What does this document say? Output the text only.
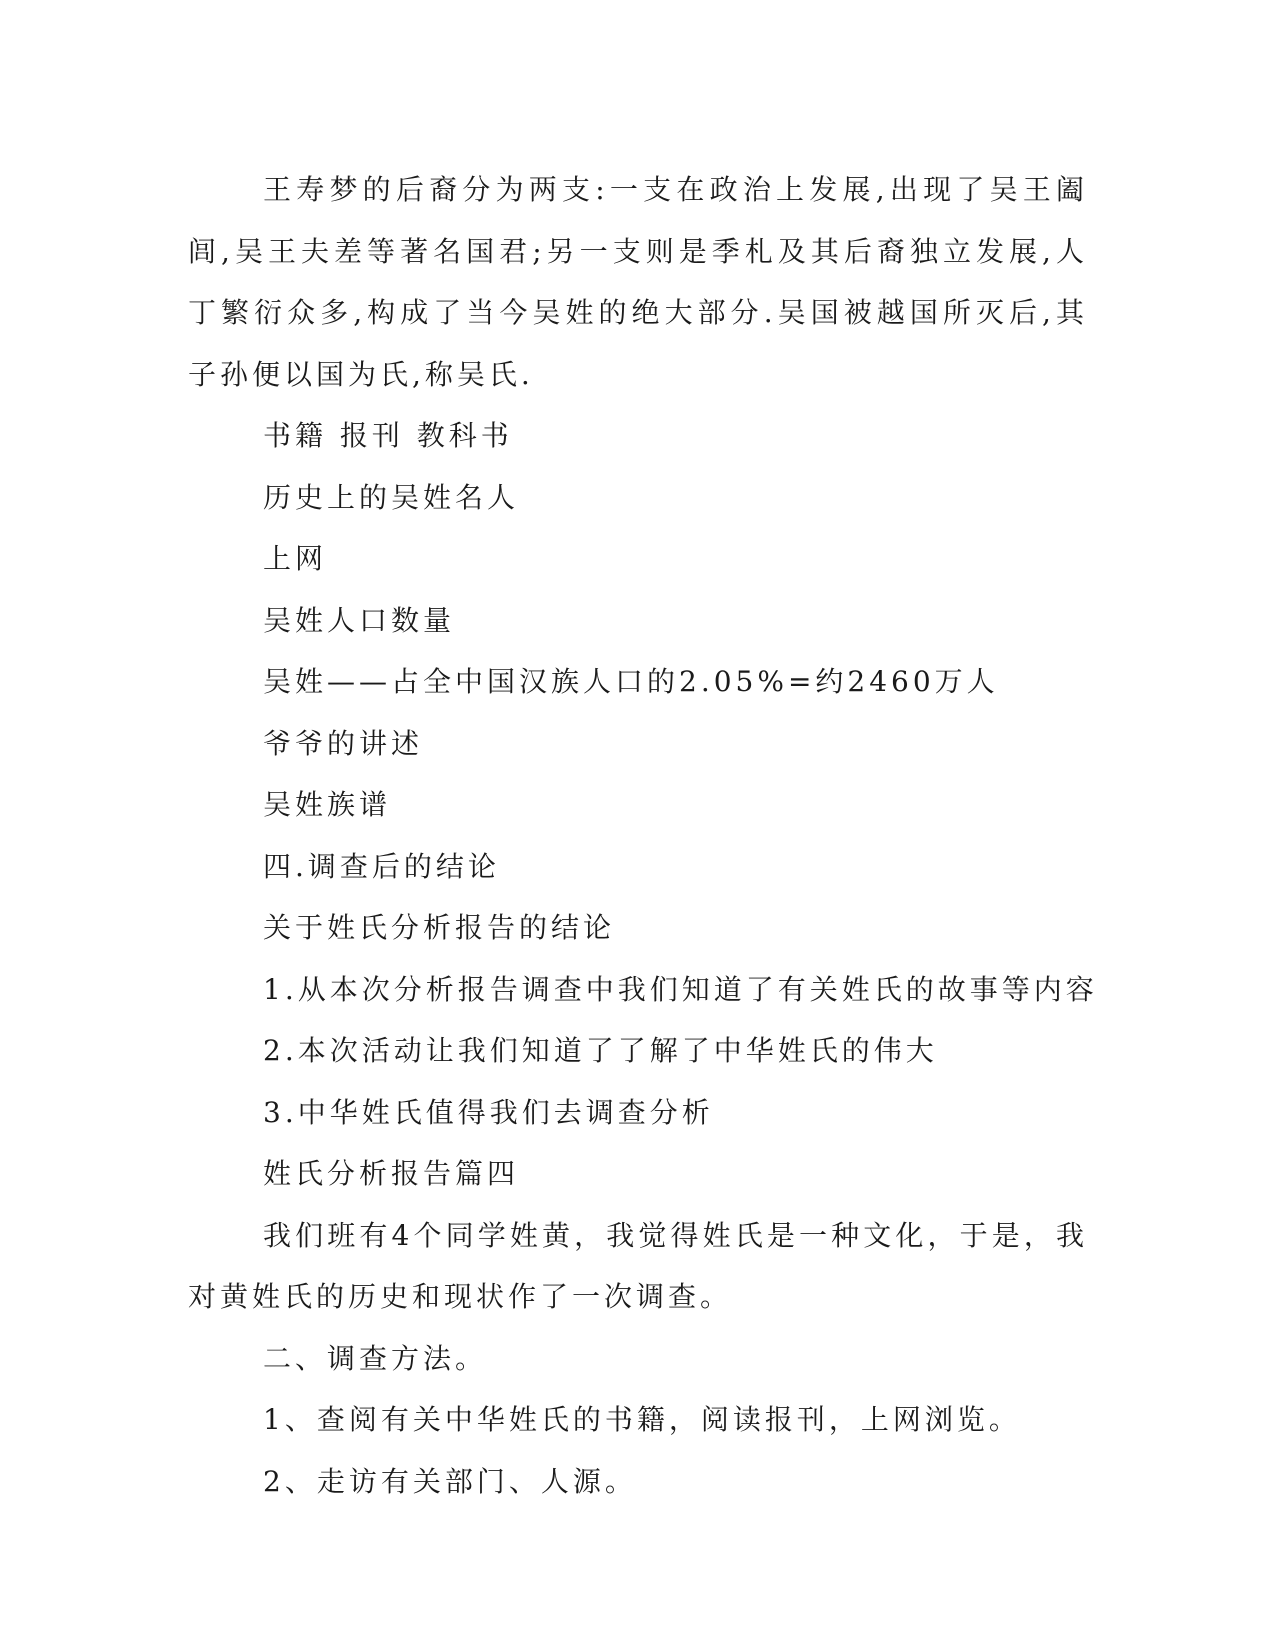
王寿梦的后裔分为两支:一支在政治上发展,出现了吴王阖闾,吴王夫差等著名国君;另一支则是季札及其后裔独立发展,人丁繁衍众多,构成了当今吴姓的绝大部分.吴国被越国所灭后,其子孙便以国为氏,称吴氏.

书籍 报刊 教科书

历史上的吴姓名人

上网

吴姓人口数量

吴姓——占全中国汉族人口的2.05%=约2460万人

爷爷的讲述

吴姓族谱

四.调查后的结论

关于姓氏分析报告的结论

1.从本次分析报告调查中我们知道了有关姓氏的故事等内容

2.本次活动让我们知道了了解了中华姓氏的伟大

3.中华姓氏值得我们去调查分析

姓氏分析报告篇四

我们班有4个同学姓黄，我觉得姓氏是一种文化，于是，我对黄姓氏的历史和现状作了一次调查。

二、调查方法。

1、查阅有关中华姓氏的书籍，阅读报刊，上网浏览。

2、走访有关部门、人源。
